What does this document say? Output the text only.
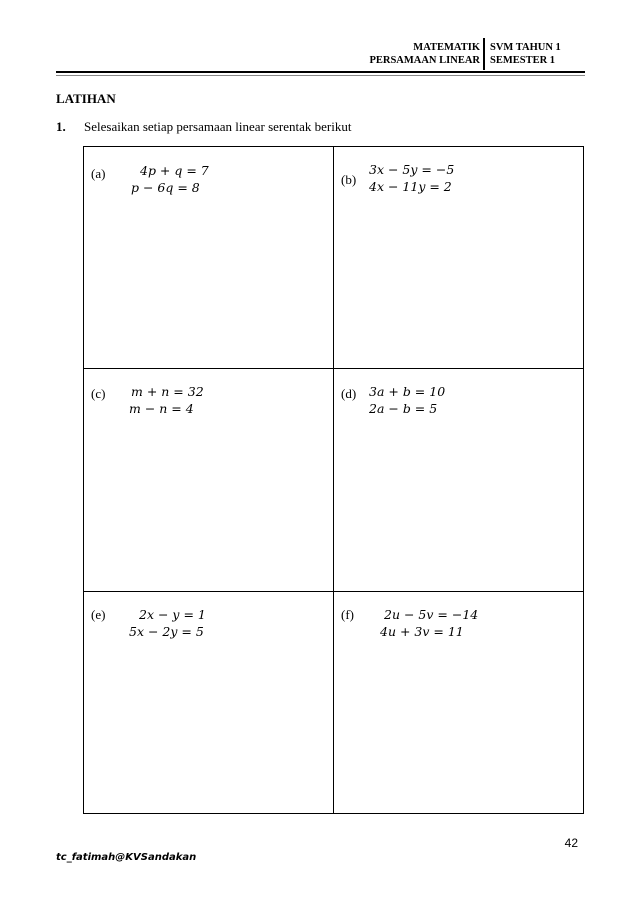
MATEMATIK
PERSAMAAN LINEAR
SVM TAHUN 1
SEMESTER 1
LATIHAN
1. Selesaikan setiap persamaan linear serentak berikut
(a)	4p + q = 7
p − 6q = 8
(b)
3x − 5y = −5
4x − 11y = 2
(c) m + n = 32
m − n = 4
(d) 3a + b = 10
2a − b = 5
(e)	2x − y = 1
5x − 2y = 5
(f) 2u − 5v = −14
4u + 3v = 11
42
tc_fatimah@KVSandakan
